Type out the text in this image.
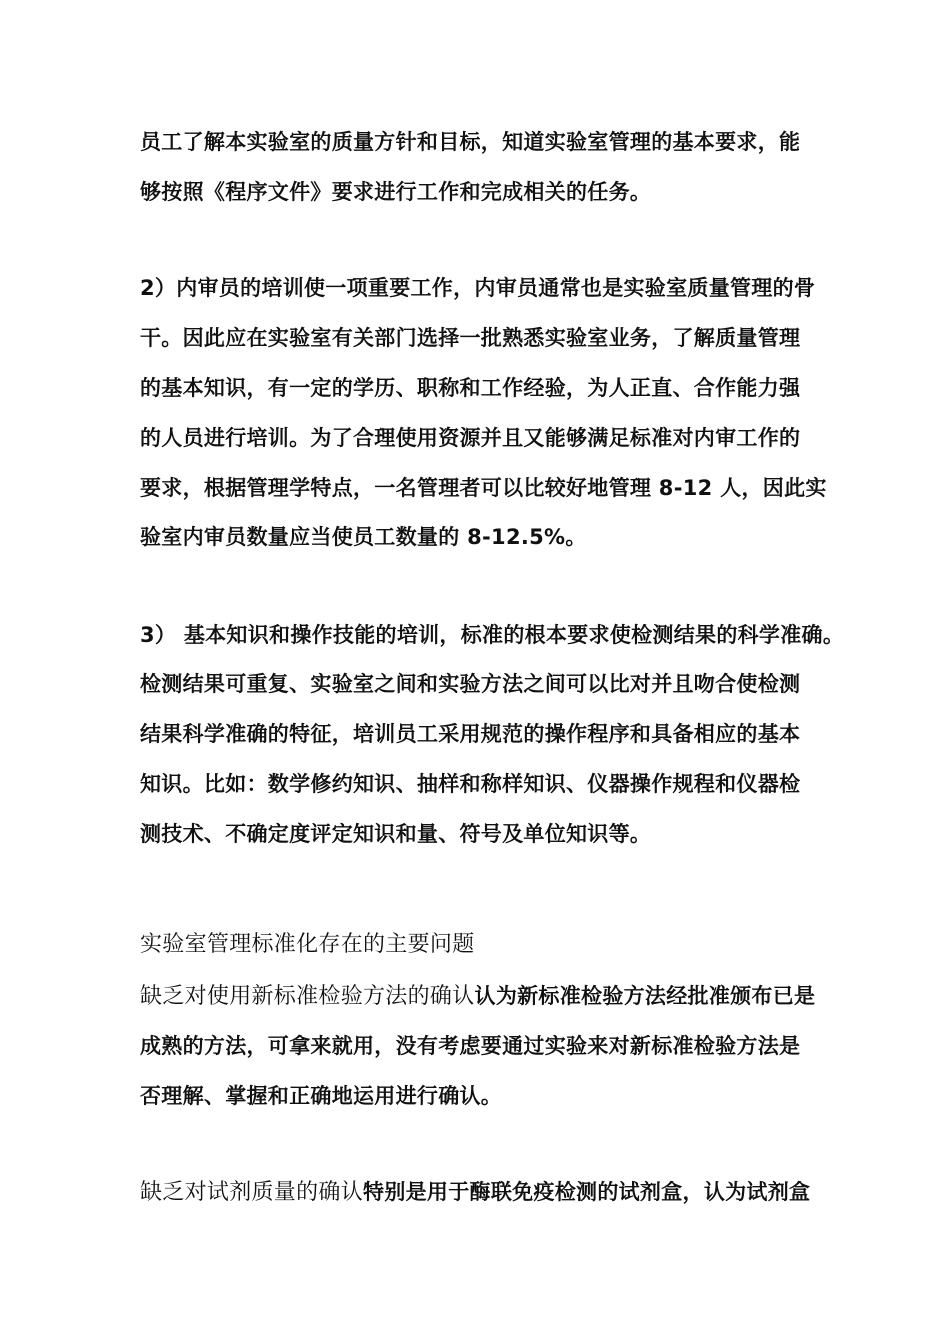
员工了解本实验室的质量方针和目标，知道实验室管理的基本要求，能
够按照《程序文件》要求进行工作和完成相关的任务。
2）内审员的培训使一项重要工作，内审员通常也是实验室质量管理的骨
干。因此应在实验室有关部门选择一批熟悉实验室业务，了解质量管理
的基本知识，有一定的学历、职称和工作经验，为人正直、合作能力强
的人员进行培训。为了合理使用资源并且又能够满足标准对内审工作的
要求，根据管理学特点，一名管理者可以比较好地管理 8-12 人，因此实
验室内审员数量应当使员工数量的 8-12.5%。
3） 基本知识和操作技能的培训，标准的根本要求使检测结果的科学准确。
检测结果可重复、实验室之间和实验方法之间可以比对并且吻合使检测
结果科学准确的特征，培训员工采用规范的操作程序和具备相应的基本
知识。比如：数学修约知识、抽样和称样知识、仪器操作规程和仪器检
测技术、不确定度评定知识和量、符号及单位知识等。
实验室管理标准化存在的主要问题
缺乏对使用新标准检验方法的确认认为新标准检验方法经批准颁布已是
成熟的方法，可拿来就用，没有考虑要通过实验来对新标准检验方法是
否理解、掌握和正确地运用进行确认。
缺乏对试剂质量的确认特别是用于酶联免疫检测的试剂盒，认为试剂盒
